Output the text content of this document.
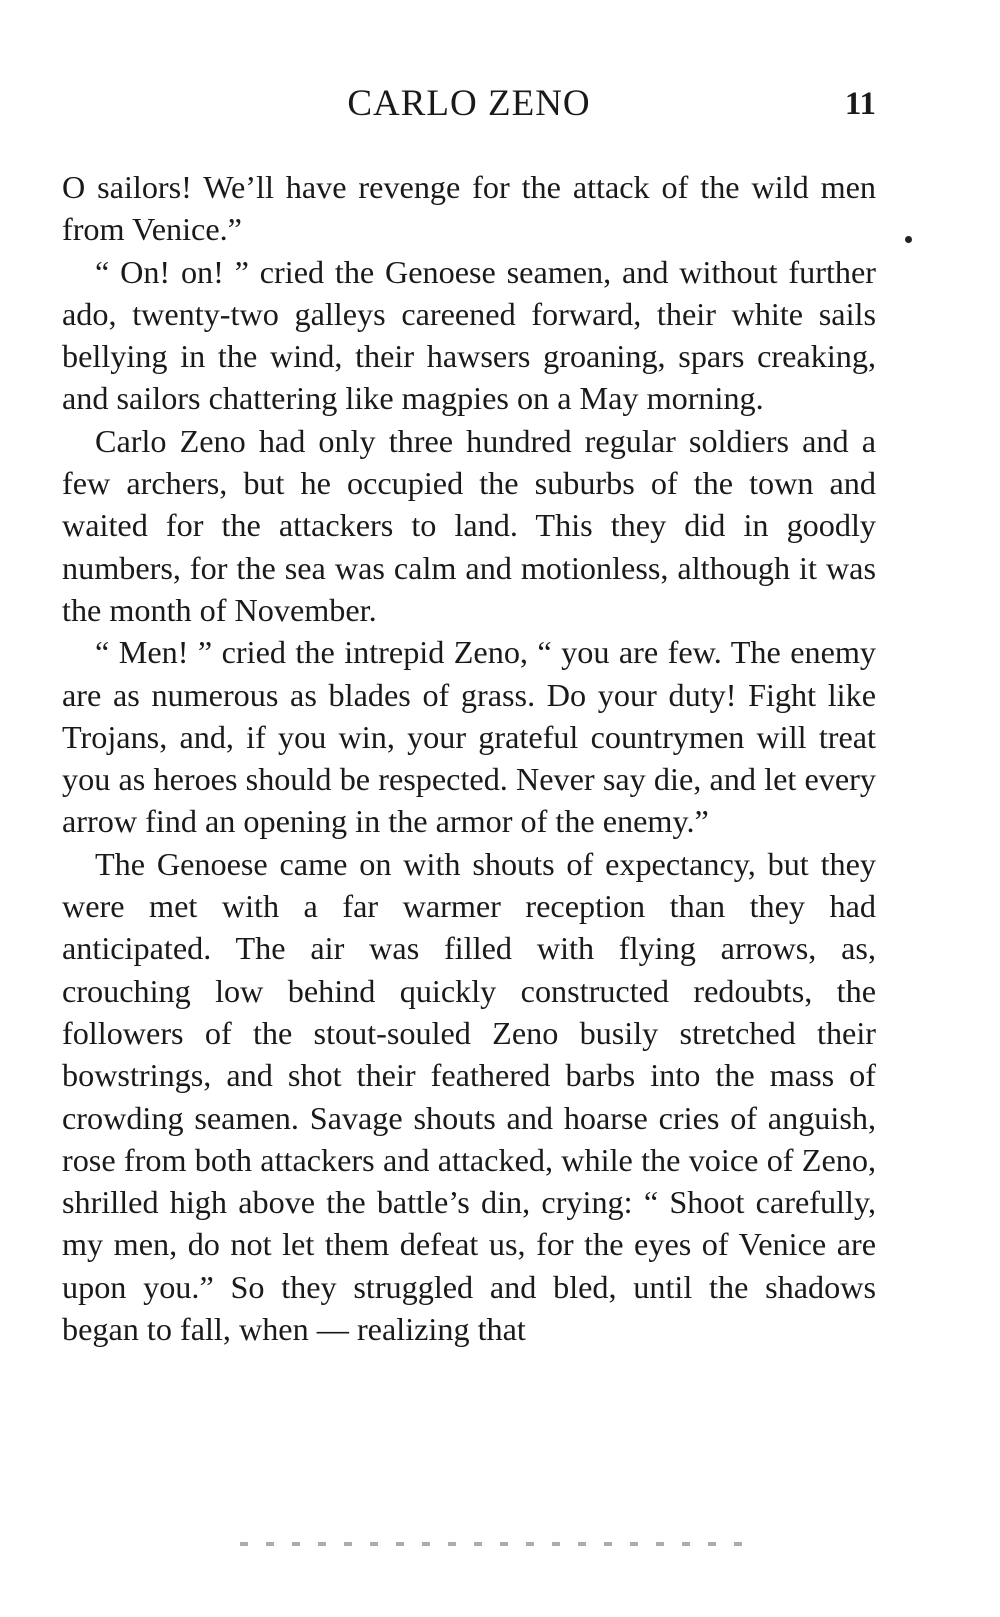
CARLO ZENO	11

O sailors! We’ll have revenge for the attack of the wild men from Venice.”

“ On! on! ” cried the Genoese seamen, and without further ado, twenty-two galleys careened forward, their white sails bellying in the wind, their hawsers groaning, spars creaking, and sailors chattering like magpies on a May morning.

Carlo Zeno had only three hundred regular soldiers and a few archers, but he occupied the suburbs of the town and waited for the attackers to land. This they did in goodly numbers, for the sea was calm and motionless, although it was the month of November.

“ Men! ” cried the intrepid Zeno, “ you are few. The enemy are as numerous as blades of grass. Do your duty! Fight like Trojans, and, if you win, your grateful countrymen will treat you as heroes should be respected. Never say die, and let every arrow find an opening in the armor of the enemy.”

The Genoese came on with shouts of expectancy, but they were met with a far warmer reception than they had anticipated. The air was filled with flying arrows, as, crouching low behind quickly constructed redoubts, the followers of the stout-souled Zeno busily stretched their bowstrings, and shot their feathered barbs into the mass of crowding seamen. Savage shouts and hoarse cries of anguish, rose from both attackers and attacked, while the voice of Zeno, shrilled high above the battle’s din, crying: “ Shoot carefully, my men, do not let them defeat us, for the eyes of Venice are upon you.” So they struggled and bled, until the shadows began to fall, when — realizing that
